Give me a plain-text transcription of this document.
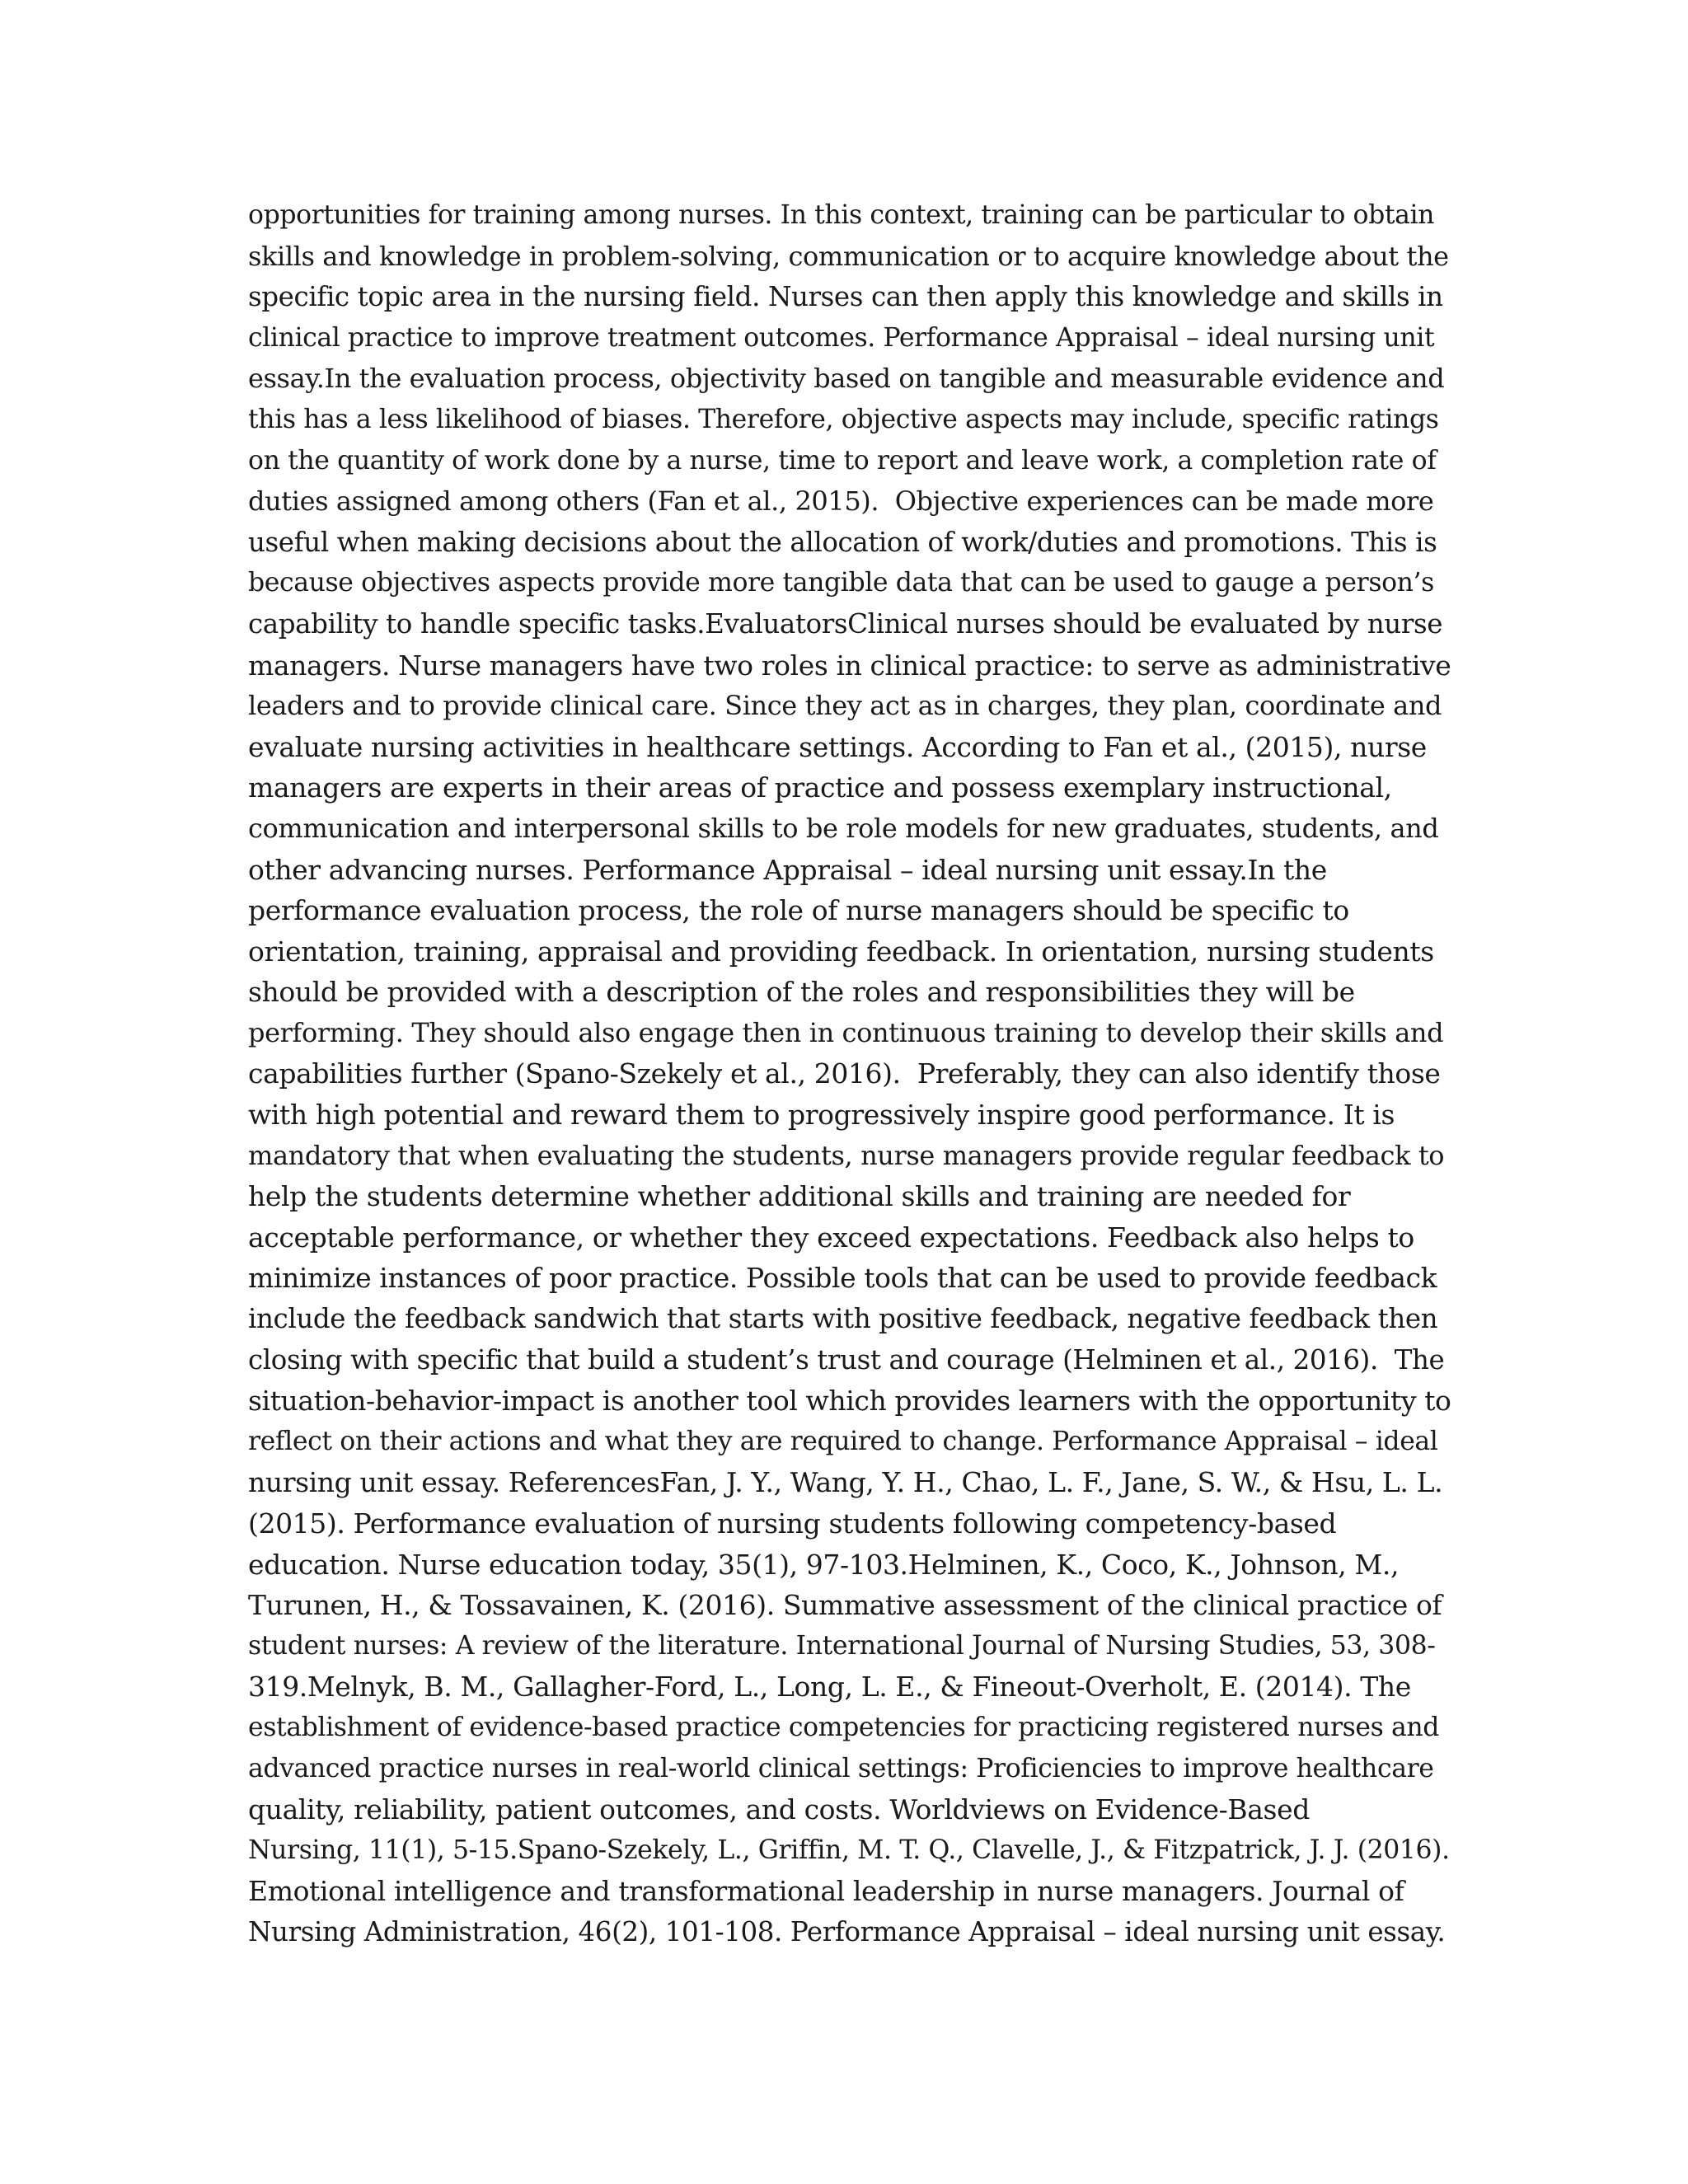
opportunities for training among nurses. In this context, training can be particular to obtain
skills and knowledge in problem-solving, communication or to acquire knowledge about the
specific topic area in the nursing field. Nurses can then apply this knowledge and skills in
clinical practice to improve treatment outcomes. Performance Appraisal – ideal nursing unit
essay.In the evaluation process, objectivity based on tangible and measurable evidence and
this has a less likelihood of biases. Therefore, objective aspects may include, specific ratings
on the quantity of work done by a nurse, time to report and leave work, a completion rate of
duties assigned among others (Fan et al., 2015).  Objective experiences can be made more
useful when making decisions about the allocation of work/duties and promotions. This is
because objectives aspects provide more tangible data that can be used to gauge a person’s
capability to handle specific tasks.EvaluatorsClinical nurses should be evaluated by nurse
managers. Nurse managers have two roles in clinical practice: to serve as administrative
leaders and to provide clinical care. Since they act as in charges, they plan, coordinate and
evaluate nursing activities in healthcare settings. According to Fan et al., (2015), nurse
managers are experts in their areas of practice and possess exemplary instructional,
communication and interpersonal skills to be role models for new graduates, students, and
other advancing nurses. Performance Appraisal – ideal nursing unit essay.In the
performance evaluation process, the role of nurse managers should be specific to
orientation, training, appraisal and providing feedback. In orientation, nursing students
should be provided with a description of the roles and responsibilities they will be
performing. They should also engage then in continuous training to develop their skills and
capabilities further (Spano-Szekely et al., 2016).  Preferably, they can also identify those
with high potential and reward them to progressively inspire good performance. It is
mandatory that when evaluating the students, nurse managers provide regular feedback to
help the students determine whether additional skills and training are needed for
acceptable performance, or whether they exceed expectations. Feedback also helps to
minimize instances of poor practice. Possible tools that can be used to provide feedback
include the feedback sandwich that starts with positive feedback, negative feedback then
closing with specific that build a student’s trust and courage (Helminen et al., 2016).  The
situation-behavior-impact is another tool which provides learners with the opportunity to
reflect on their actions and what they are required to change. Performance Appraisal – ideal
nursing unit essay. ReferencesFan, J. Y., Wang, Y. H., Chao, L. F., Jane, S. W., & Hsu, L. L.
(2015). Performance evaluation of nursing students following competency-based
education. Nurse education today, 35(1), 97-103.Helminen, K., Coco, K., Johnson, M.,
Turunen, H., & Tossavainen, K. (2016). Summative assessment of the clinical practice of
student nurses: A review of the literature. International Journal of Nursing Studies, 53, 308-
319.Melnyk, B. M., Gallagher-Ford, L., Long, L. E., & Fineout-Overholt, E. (2014). The
establishment of evidence-based practice competencies for practicing registered nurses and
advanced practice nurses in real-world clinical settings: Proficiencies to improve healthcare
quality, reliability, patient outcomes, and costs. Worldviews on Evidence-Based
Nursing, 11(1), 5-15.Spano-Szekely, L., Griffin, M. T. Q., Clavelle, J., & Fitzpatrick, J. J. (2016).
Emotional intelligence and transformational leadership in nurse managers. Journal of
Nursing Administration, 46(2), 101-108. Performance Appraisal – ideal nursing unit essay.
